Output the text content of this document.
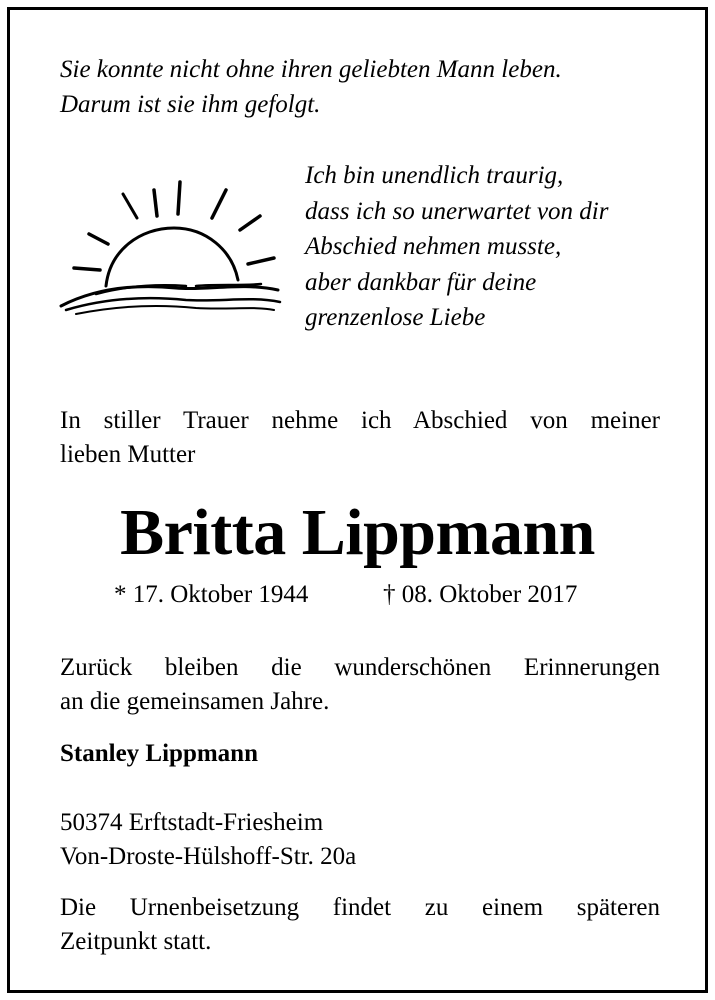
Sie konnte nicht ohne ihren geliebten Mann leben.
Darum ist sie ihm gefolgt.
Ich bin unendlich traurig,
dass ich so unerwartet von dir
Abschied nehmen musste,
aber dankbar für deine
grenzenlose Liebe
In stiller Trauer nehme ich Abschied von meiner
lieben Mutter
Britta Lippmann
* 17. Oktober 1944	† 08. Oktober 2017
Zurück bleiben die wunderschönen Erinnerungen
an die gemeinsamen Jahre.
Stanley Lippmann
50374 Erftstadt-Friesheim
Von-Droste-Hülshoff-Str. 20a
Die Urnenbeisetzung findet zu einem späteren
Zeitpunkt statt.
